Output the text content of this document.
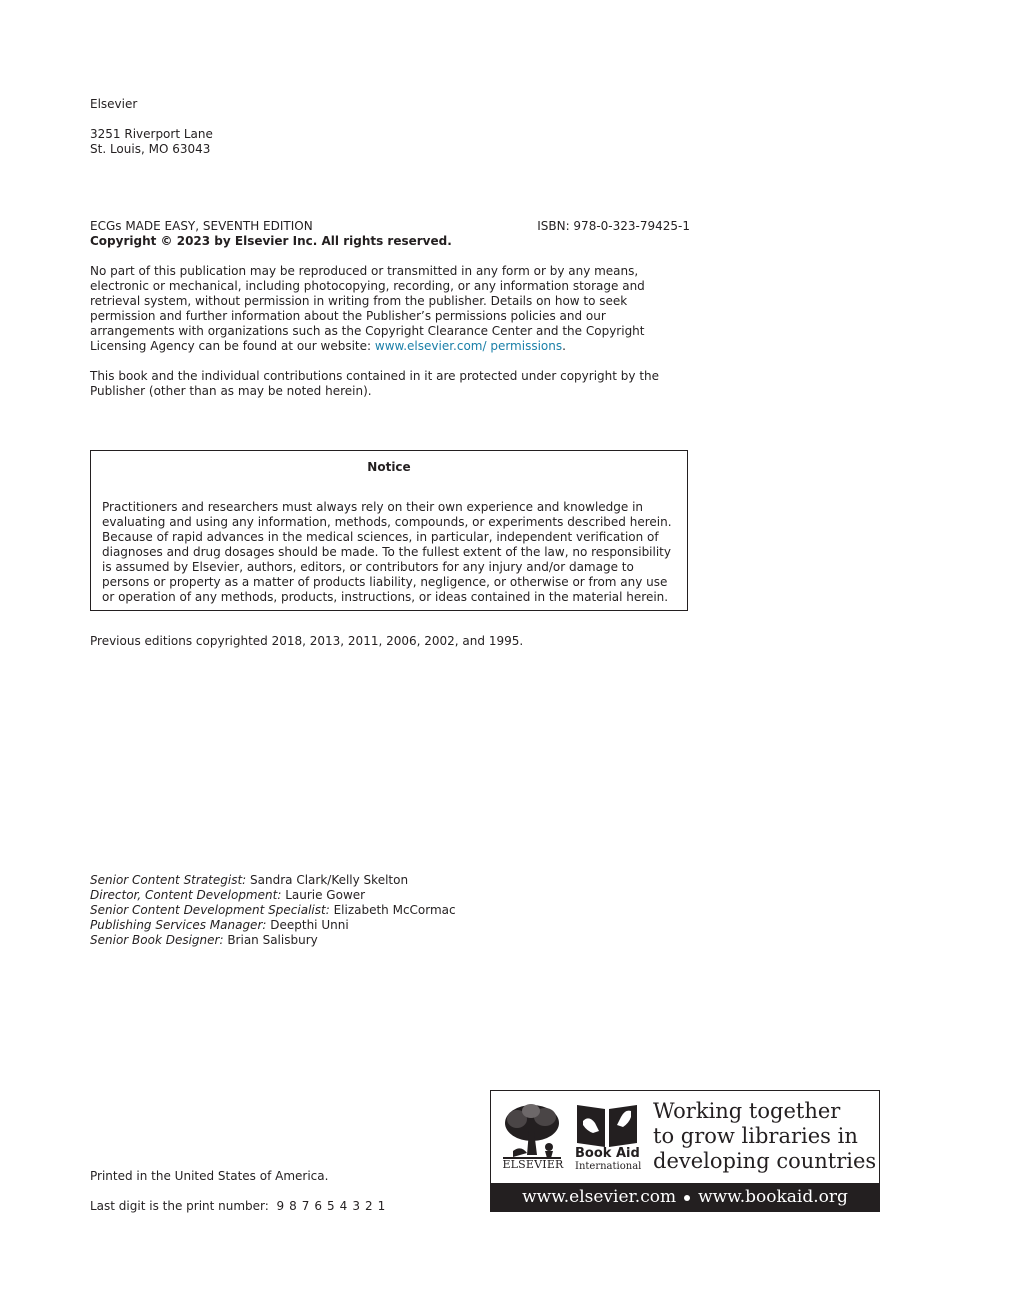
Elsevier
3251 Riverport Lane
St. Louis, MO 63043
ECGs MADE EASY, SEVENTH EDITION	ISBN: 978-0-323-79425-1
Copyright © 2023 by Elsevier Inc. All rights reserved.
No part of this publication may be reproduced or transmitted in any form or by any means, electronic or mechanical, including photocopying, recording, or any information storage and retrieval system, without permission in writing from the publisher. Details on how to seek permission and further information about the Publisher’s permissions policies and our arrangements with organizations such as the Copyright Clearance Center and the Copyright Licensing Agency can be found at our website: www.elsevier.com/ permissions.
This book and the individual contributions contained in it are protected under copyright by the Publisher (other than as may be noted herein).
Notice
Practitioners and researchers must always rely on their own experience and knowledge in evaluating and using any information, methods, compounds, or experiments described herein. Because of rapid advances in the medical sciences, in particular, independent verification of diagnoses and drug dosages should be made. To the fullest extent of the law, no responsibility is assumed by Elsevier, authors, editors, or contributors for any injury and/or damage to persons or property as a matter of products liability, negligence, or otherwise or from any use or operation of any methods, products, instructions, or ideas contained in the material herein.
Previous editions copyrighted 2018, 2013, 2011, 2006, 2002, and 1995.
Senior Content Strategist: Sandra Clark/Kelly Skelton
Director, Content Development: Laurie Gower
Senior Content Development Specialist: Elizabeth McCormac
Publishing Services Manager: Deepthi Unni
Senior Book Designer: Brian Salisbury
Printed in the United States of America.
Last digit is the print number: 9 8 7 6 5 4 3 2 1
ELSEVIER
Book Aid
International
Working together
to grow libraries in
developing countries
www.elsevier.com www.bookaid.org
